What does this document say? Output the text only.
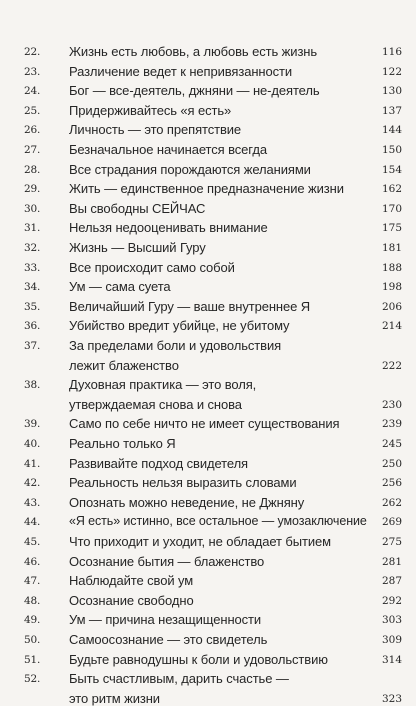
22.	Жизнь есть любовь, а любовь есть жизнь	116
23.	Различение ведет к непривязанности	122
24.	Бог — все-деятель, джняни — не-деятель	130
25.	Придерживайтесь «я есть»	137
26.	Личность — это препятствие	144
27.	Безначальное начинается всегда	150
28.	Все страдания порождаются желаниями	154
29.	Жить — единственное предназначение жизни	162
30.	Вы свободны СЕЙЧАС	170
31.	Нельзя недооценивать внимание	175
32.	Жизнь — Высший Гуру	181
33.	Все происходит само собой	188
34.	Ум — сама суета	198
35.	Величайший Гуру — ваше внутреннее Я	206
36.	Убийство вредит убийце, не убитому	214
37.	За пределами боли и удовольствия
лежит блаженство	222
38.	Духовная практика — это воля,
утверждаемая снова и снова	230
39.	Само по себе ничто не имеет существования	239
40.	Реально только Я	245
41.	Развивайте подход свидетеля	250
42.	Реальность нельзя выразить словами	256
43.	Опознать можно неведение, не Джняну	262
44.	«Я есть» истинно, все остальное — умозаключение	269
45.	Что приходит и уходит, не обладает бытием	275
46.	Осознание бытия — блаженство	281
47.	Наблюдайте свой ум	287
48.	Осознание свободно	292
49.	Ум — причина незащищенности	303
50.	Самоосознание — это свидетель	309
51.	Будьте равнодушны к боли и удовольствию	314
52.	Быть счастливым, дарить счастье —
это ритм жизни	323
